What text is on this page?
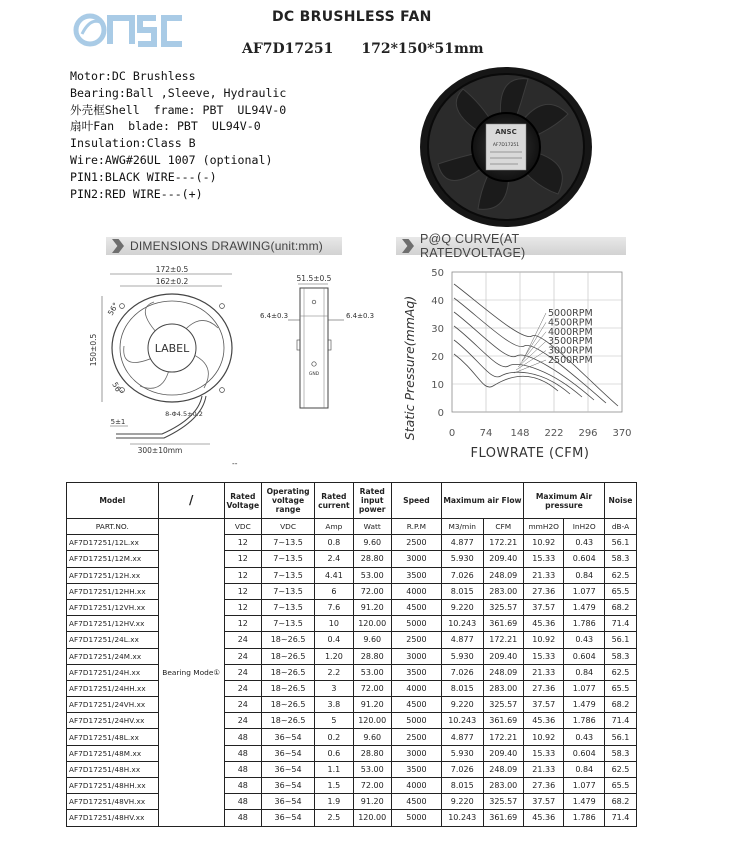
DC BRUSHLESS FAN
AF7D17251 172*150*51mm
Motor:DC Brushless
Bearing:Ball ,Sleeve, Hydraulic
外壳框Shell  frame: PBT  UL94V-0
扇叶Fan  blade: PBT  UL94V-0
Insulation:Class B
Wire:AWG#26UL 1007 (optional)
PIN1:BLACK WIRE---(-)
PIN2:RED WIRE---(+)
ANSC
AF7D17251
DIMENSIONS DRAWING(unit:mm)
172±0.5
162±0.2
150±0.5	LABEL
56°
56°
8-Φ4.5±0.2
5±1
300±10mm
--
51.5±0.5
GND
6.4±0.3	6.4±0.3
P@Q CURVE(AT RATEDVOLTAGE)
50
40
30
20
10
0
0 74 148 222 296 370
5000RPM
4500RPM
4000RPM
3500RPM
3000RPM
2500RPM
Static Pressure(mmAq)
FLOWRATE (CFM)
Model	/	Rated Voltage	Operating voltage range	Rated current	Rated input power	Speed	Maximum air Flow		Maximum Air pressure		Noise
PART.NO.	Bearing Mode①	VDC	VDC	Amp	Watt	R.P.M	M3/min	CFM	mmH2O	InH2O	dB-A
AF7D17251/12L.xx		12	7~13.5	0.8	9.60	2500	4.877	172.21	10.92	0.43	56.1
AF7D17251/12M.xx		12	7~13.5	2.4	28.80	3000	5.930	209.40	15.33	0.604	58.3
AF7D17251/12H.xx		12	7~13.5	4.41	53.00	3500	7.026	248.09	21.33	0.84	62.5
AF7D17251/12HH.xx		12	7~13.5	6	72.00	4000	8.015	283.00	27.36	1.077	65.5
AF7D17251/12VH.xx		12	7~13.5	7.6	91.20	4500	9.220	325.57	37.57	1.479	68.2
AF7D17251/12HV.xx		12	7~13.5	10	120.00	5000	10.243	361.69	45.36	1.786	71.4
AF7D17251/24L.xx		24	18~26.5	0.4	9.60	2500	4.877	172.21	10.92	0.43	56.1
AF7D17251/24M.xx		24	18~26.5	1.20	28.80	3000	5.930	209.40	15.33	0.604	58.3
AF7D17251/24H.xx		24	18~26.5	2.2	53.00	3500	7.026	248.09	21.33	0.84	62.5
AF7D17251/24HH.xx		24	18~26.5	3	72.00	4000	8.015	283.00	27.36	1.077	65.5
AF7D17251/24VH.xx		24	18~26.5	3.8	91.20	4500	9.220	325.57	37.57	1.479	68.2
AF7D17251/24HV.xx		24	18~26.5	5	120.00	5000	10.243	361.69	45.36	1.786	71.4
AF7D17251/48L.xx		48	36~54	0.2	9.60	2500	4.877	172.21	10.92	0.43	56.1
AF7D17251/48M.xx		48	36~54	0.6	28.80	3000	5.930	209.40	15.33	0.604	58.3
AF7D17251/48H.xx		48	36~54	1.1	53.00	3500	7.026	248.09	21.33	0.84	62.5
AF7D17251/48HH.xx		48	36~54	1.5	72.00	4000	8.015	283.00	27.36	1.077	65.5
AF7D17251/48VH.xx		48	36~54	1.9	91.20	4500	9.220	325.57	37.57	1.479	68.2
AF7D17251/48HV.xx		48	36~54	2.5	120.00	5000	10.243	361.69	45.36	1.786	71.4
